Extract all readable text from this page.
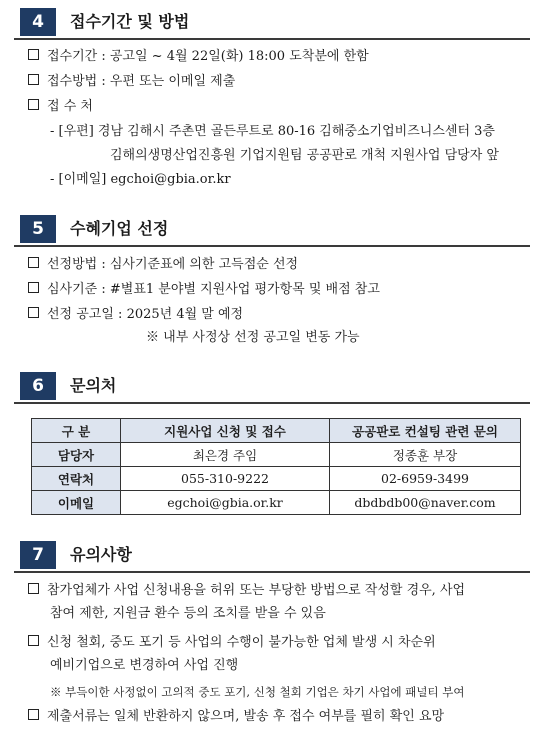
4	접수기간 및 방법
접수기간 : 공고일 ~ 4월 22일(화) 18:00 도착분에 한함
접수방법 : 우편 또는 이메일 제출
접 수 처
- [우편] 경남 김해시 주촌면 골든루트로 80-16 김해중소기업비즈니스센터 3층
김해의생명산업진흥원 기업지원팀 공공판로 개척 지원사업 담당자 앞
- [이메일] egchoi@gbia.or.kr
5	수혜기업 선정
선정방법 : 심사기준표에 의한 고득점순 선정
심사기준 : #별표1 분야별 지원사업 평가항목 및 배점 참고
선정 공고일 : 2025년 4월 말 예정
※ 내부 사정상 선정 공고일 변동 가능
6	문의처
구 분	지원사업 신청 및 접수	공공판로 컨설팅 관련 문의
담당자	최은경 주임	정종훈 부장
연락처	055-310-9222	02-6959-3499
이메일	egchoi@gbia.or.kr	dbdbdb00@naver.com
7	유의사항
참가업체가 사업 신청내용을 허위 또는 부당한 방법으로 작성할 경우, 사업
참여 제한, 지원금 환수 등의 조치를 받을 수 있음
신청 철회, 중도 포기 등 사업의 수행이 불가능한 업체 발생 시 차순위
예비기업으로 변경하여 사업 진행
※ 부득이한 사정없이 고의적 중도 포기, 신청 철회 기업은 차기 사업에 패널티 부여
제출서류는 일체 반환하지 않으며, 발송 후 접수 여부를 필히 확인 요망
